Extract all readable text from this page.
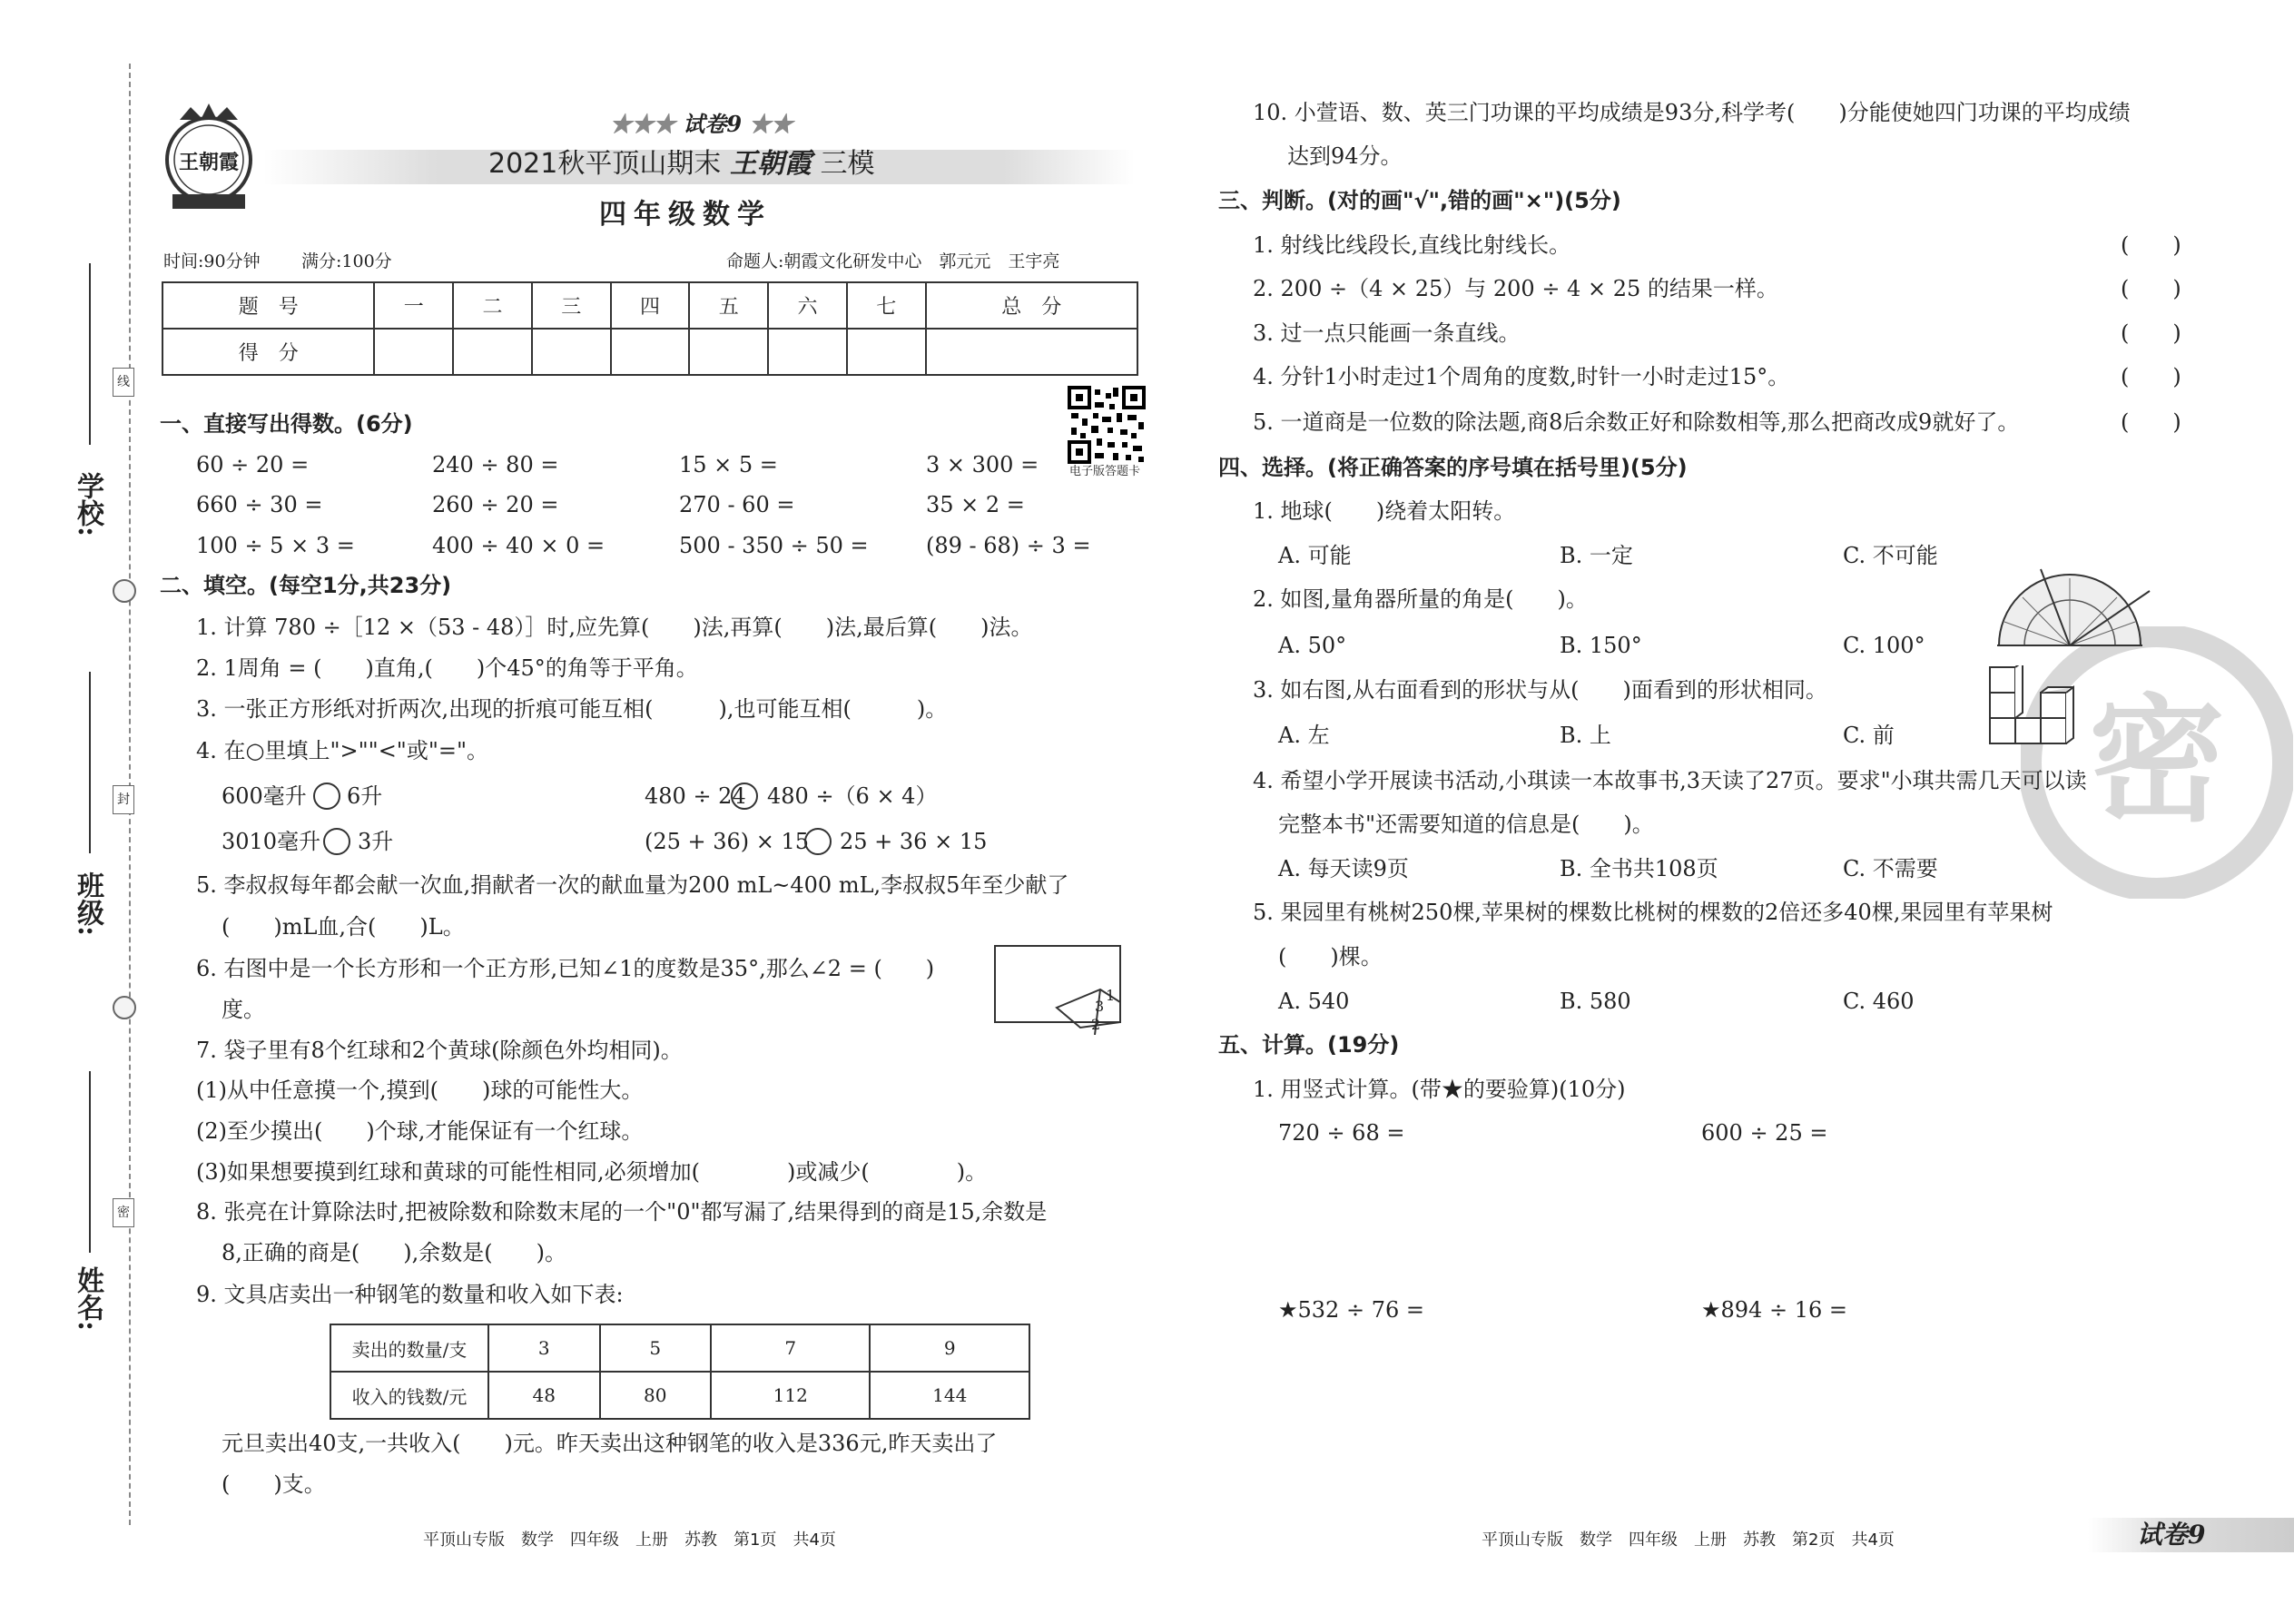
学校:
班级:
姓名:
线
封
密
王朝霞
★★★ 试卷9 ★★
2021秋平顶山期末 王朝霞 三模
四年级数学
时间:90分钟 满分:100分	命题人:朝霞文化研发中心　郭元元　王宇亮
题　号	一	二	三	四	五	六	七	总　分
得　分								
电子版答题卡
一、直接写出得数。(6分)
60 ÷ 20 =	240 ÷ 80 =	15 × 5 =	3 × 300 =
660 ÷ 30 =	260 ÷ 20 =	270 - 60 =	35 × 2 =
100 ÷ 5 × 3 =	400 ÷ 40 × 0 =	500 - 350 ÷ 50 =	(89 - 68) ÷ 3 =
二、填空。(每空1分,共23分)
1. 计算 780 ÷［12 ×（53 - 48）］时,应先算(　　)法,再算(　　)法,最后算(　　)法。
2. 1周角 = (　　)直角,(　　)个45°的角等于平角。
3. 一张正方形纸对折两次,出现的折痕可能互相(　　　),也可能互相(　　　)。
4. 在○里填上">""<"或"="。
600毫升 6升	480 ÷ 24 480 ÷（6 × 4）
3010毫升 3升	(25 + 36) × 15 25 + 36 × 15
5. 李叔叔每年都会献一次血,捐献者一次的献血量为200 mL~400 mL,李叔叔5年至少献了
(　　)mL血,合(　　)L。
6. 右图中是一个长方形和一个正方形,已知∠1的度数是35°,那么∠2 = (　　)
度。
1
3
2
7. 袋子里有8个红球和2个黄球(除颜色外均相同)。
(1)从中任意摸一个,摸到(　　)球的可能性大。
(2)至少摸出(　　)个球,才能保证有一个红球。
(3)如果想要摸到红球和黄球的可能性相同,必须增加(　　　　)或减少(　　　　)。
8. 张亮在计算除法时,把被除数和除数末尾的一个"0"都写漏了,结果得到的商是15,余数是
8,正确的商是(　　),余数是(　　)。
9. 文具店卖出一种钢笔的数量和收入如下表:
卖出的数量/支	3	5	7	9
收入的钱数/元	48	80	112	144
元旦卖出40支,一共收入(　　)元。昨天卖出这种钢笔的收入是336元,昨天卖出了
(　　)支。
10. 小萱语、数、英三门功课的平均成绩是93分,科学考(　　)分能使她四门功课的平均成绩
达到94分。
三、判断。(对的画"√",错的画"×")(5分)
1. 射线比线段长,直线比射线长。	(　　)
2. 200 ÷（4 × 25）与 200 ÷ 4 × 25 的结果一样。	(　　)
3. 过一点只能画一条直线。	(　　)
4. 分针1小时走过1个周角的度数,时针一小时走过15°。	(　　)
5. 一道商是一位数的除法题,商8后余数正好和除数相等,那么把商改成9就好了。	(　　)
密
四、选择。(将正确答案的序号填在括号里)(5分)
1. 地球(　　)绕着太阳转。
A. 可能	B. 一定	C. 不可能
2. 如图,量角器所量的角是(　　)。
A. 50°	B. 150°	C. 100°
3. 如右图,从右面看到的形状与从(　　)面看到的形状相同。
A. 左	B. 上	C. 前
4. 希望小学开展读书活动,小琪读一本故事书,3天读了27页。要求"小琪共需几天可以读
完整本书"还需要知道的信息是(　　)。
A. 每天读9页	B. 全书共108页	C. 不需要
5. 果园里有桃树250棵,苹果树的棵数比桃树的棵数的2倍还多40棵,果园里有苹果树
(　　)棵。
A. 540	B. 580	C. 460
五、计算。(19分)
1. 用竖式计算。(带★的要验算)(10分)
720 ÷ 68 =	600 ÷ 25 =
★532 ÷ 76 =	★894 ÷ 16 =
平顶山专版　数学　四年级　上册　苏教　第1页　共4页	平顶山专版　数学　四年级　上册　苏教　第2页　共4页	试卷9
